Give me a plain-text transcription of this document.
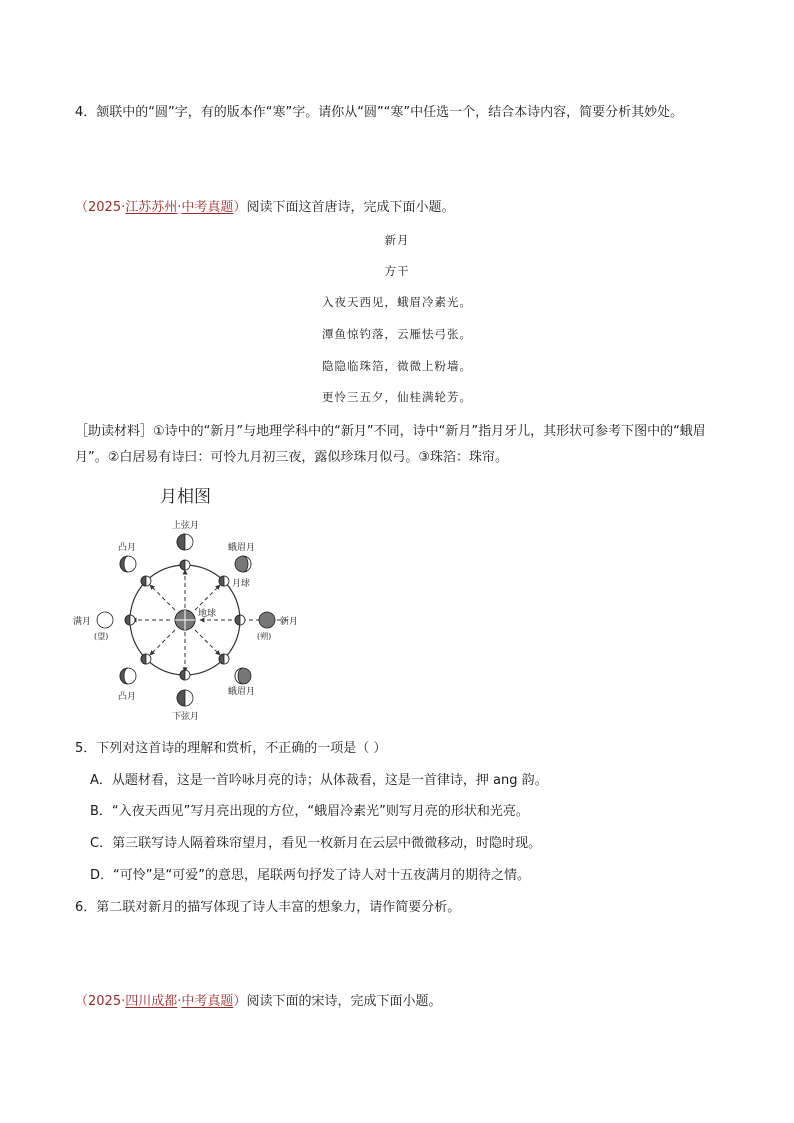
4．颔联中的“圆”字，有的版本作“寒”字。请你从“圆”“寒”中任选一个，结合本诗内容，简要分析其妙处。
（2025·江苏苏州·中考真题）阅读下面这首唐诗，完成下面小题。
新月
方干
入夜天西见，蛾眉冷素光。
潭鱼惊钓落，云雁怯弓张。
隐隐临珠箔，微微上粉墙。
更怜三五夕，仙桂满轮芳。
［助读材料］①诗中的“新月”与地理学科中的“新月”不同，诗中“新月”指月牙儿，其形状可参考下图中的“蛾眉月”。②白居易有诗曰：可怜九月初三夜，露似珍珠月似弓。③珠箔：珠帘。
月相图
地球
月球
上弦月
凸月	蛾眉月
满月
(望)
新月
(朔)
凸月	蛾眉月
下弦月
5．下列对这首诗的理解和赏析，不正确的一项是（ ）
A．从题材看，这是一首吟咏月亮的诗；从体裁看，这是一首律诗，押 ang 韵。
B．“入夜天西见”写月亮出现的方位，“蛾眉冷素光”则写月亮的形状和光亮。
C．第三联写诗人隔着珠帘望月，看见一枚新月在云层中微微移动，时隐时现。
D．“可怜”是“可爱”的意思，尾联两句抒发了诗人对十五夜满月的期待之情。
6．第二联对新月的描写体现了诗人丰富的想象力，请作简要分析。
（2025·四川成都·中考真题）阅读下面的宋诗，完成下面小题。
